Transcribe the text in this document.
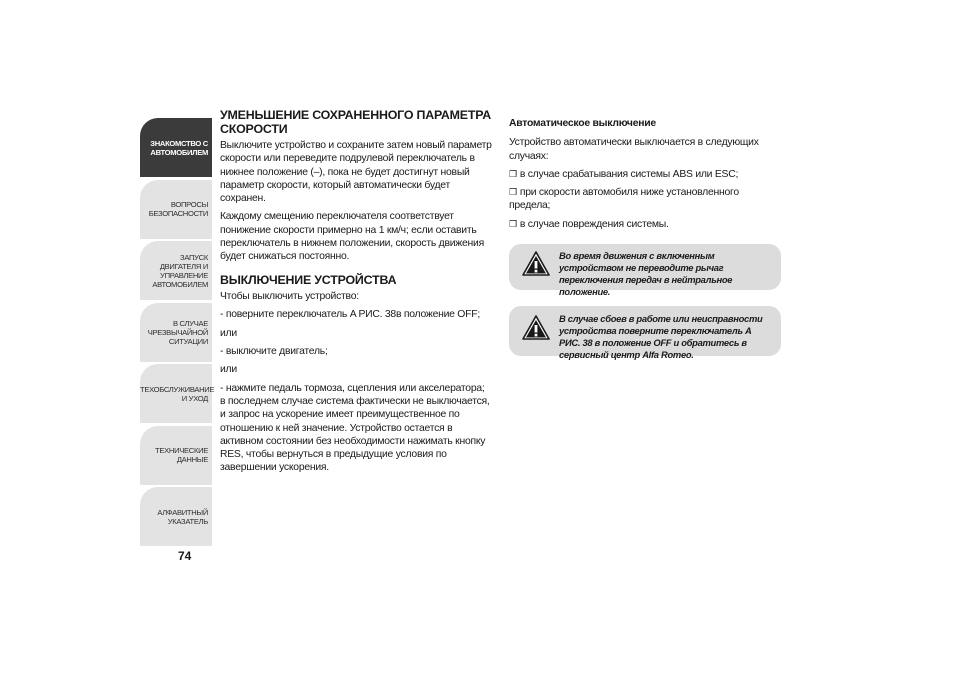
ЗНАКОМСТВО С АВТОМОБИЛЕМ
ВОПРОСЫ БЕЗОПАСНОСТИ
ЗАПУСК ДВИГАТЕЛЯ И УПРАВЛЕНИЕ АВТОМОБИЛЕМ
В СЛУЧАЕ ЧРЕЗВЫЧАЙНОЙ СИТУАЦИИ
ТЕХОБСЛУЖИВАНИЕ И УХОД
ТЕХНИЧЕСКИЕ ДАННЫЕ
АЛФАВИТНЫЙ УКАЗАТЕЛЬ
74
УМЕНЬШЕНИЕ СОХРАНЕННОГО ПАРАМЕТРА СКОРОСТИ

Выключите устройство и сохраните затем новый параметр скорости или переведите подрулевой переключатель в нижнее положение (–), пока не будет достигнут новый параметр скорости, который автоматически будет сохранен.

Каждому смещению переключателя соответствует понижение скорости примерно на 1 км/ч; если оставить переключатель в нижнем положении, скорость движения будет снижаться постоянно.

ВЫКЛЮЧЕНИЕ УСТРОЙСТВА

Чтобы выключить устройство:

- поверните переключатель A РИС. 38в положение OFF;

или

- выключите двигатель;

или

- нажмите педаль тормоза, сцепления или акселератора; в последнем случае система фактически не выключается, и запрос на ускорение имеет преимущественное по отношению к ней значение. Устройство остается в активном состоянии без необходимости нажимать кнопку RES, чтобы вернуться в предыдущие условия по завершении ускорения.

Автоматическое выключение

Устройство автоматически выключается в следующих случаях:

❒ в случае срабатывания системы ABS или ESC;
❒ при скорости автомобиля ниже установленного предела;
❒ в случае повреждения системы.
Во время движения с включенным устройством не переводите рычаг переключения передач в нейтральное положение.
В случае сбоев в работе или неисправности устройства поверните переключатель A РИС. 38 в положение OFF и обратитесь в сервисный центр Alfa Romeo.
